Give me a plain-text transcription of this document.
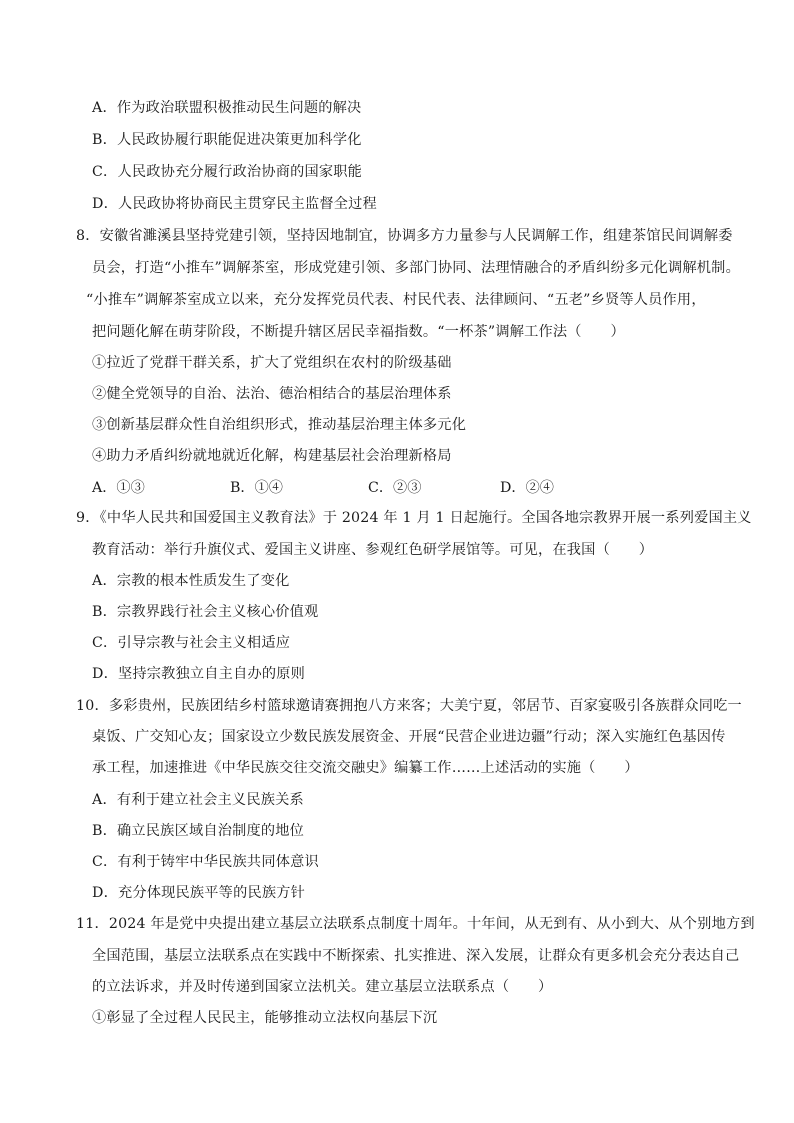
A．作为政治联盟积极推动民生问题的解决
B．人民政协履行职能促进决策更加科学化
C．人民政协充分履行政治协商的国家职能
D．人民政协将协商民主贯穿民主监督全过程
8．安徽省濉溪县坚持党建引领，坚持因地制宜，协调多方力量参与人民调解工作，组建茶馆民间调解委
员会，打造“小推车”调解茶室，形成党建引领、多部门协同、法理情融合的矛盾纠纷多元化调解机制。
“小推车”调解茶室成立以来，充分发挥党员代表、村民代表、法律顾问、“五老”乡贤等人员作用，
把问题化解在萌芽阶段，不断提升辖区居民幸福指数。“一杯茶”调解工作法（　　）
①拉近了党群干群关系，扩大了党组织在农村的阶级基础
②健全党领导的自治、法治、德治相结合的基层治理体系
③创新基层群众性自治组织形式，推动基层治理主体多元化
④助力矛盾纠纷就地就近化解，构建基层社会治理新格局
A．①③	B．①④	C．②③	D．②④
9．《中华人民共和国爱国主义教育法》于 2024 年 1 月 1 日起施行。全国各地宗教界开展一系列爱国主义
教育活动：举行升旗仪式、爱国主义讲座、参观红色研学展馆等。可见，在我国（　　）
A．宗教的根本性质发生了变化
B．宗教界践行社会主义核心价值观
C．引导宗教与社会主义相适应
D．坚持宗教独立自主自办的原则
10．多彩贵州，民族团结乡村篮球邀请赛拥抱八方来客；大美宁夏，邻居节、百家宴吸引各族群众同吃一
桌饭、广交知心友；国家设立少数民族发展资金、开展“民营企业进边疆”行动；深入实施红色基因传
承工程，加速推进《中华民族交往交流交融史》编纂工作……上述活动的实施（　　）
A．有利于建立社会主义民族关系
B．确立民族区域自治制度的地位
C．有利于铸牢中华民族共同体意识
D．充分体现民族平等的民族方针
11．2024 年是党中央提出建立基层立法联系点制度十周年。十年间，从无到有、从小到大、从个别地方到
全国范围，基层立法联系点在实践中不断探索、扎实推进、深入发展，让群众有更多机会充分表达自己
的立法诉求，并及时传递到国家立法机关。建立基层立法联系点（　　）
①彰显了全过程人民民主，能够推动立法权向基层下沉
